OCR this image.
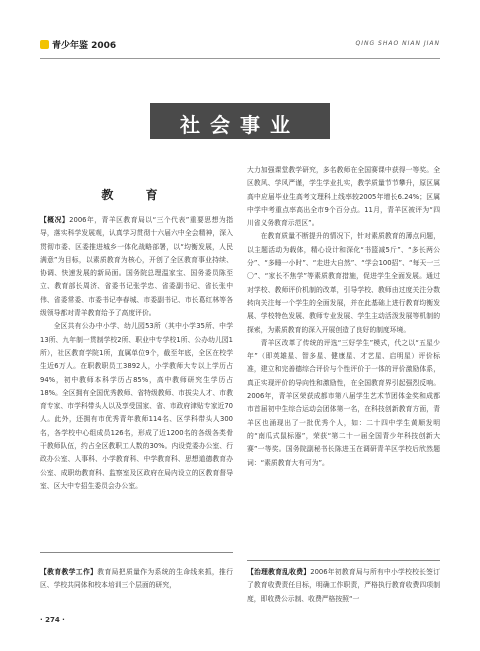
青少年鉴 2006	QING SHAO NIAN JIAN
社会事业
教 育

【概况】2006年，青羊区教育局以“三个代表”重要思想为指导，落实科学发展观，认真学习贯彻十六届六中全会精神，深入贯彻市委、区委推进城乡一体化战略部署，以“均衡发展，人民满意”为目标，以素质教育为核心，开创了全区教育事业持续、协调、快速发展的新局面。国务院总理温家宝、国务委员陈至立、教育部长周济、省委书记张学忠、省委副书记、省长张中伟、省委常委、市委书记李春城、市委副书记、市长葛红林等各级领导都对青羊教育给予了高度评价。

全区共有公办中小学、幼儿园53所（其中小学35所、中学13所、九年制一贯制学校2所、职业中专学校1所、公办幼儿园1所），社区教育学院1所，直属单位9个，截至年底，全区在校学生近6万人。在职教职员工3892人，小学教师大专以上学历占94%，初中教师本科学历占85%，高中教师研究生学历占18%。全区拥有全国优秀教师、省特级教师、市拔尖人才、市教育专家、市学科带头人以及享受国家、省、市政府津贴专家近70人。此外，还拥有市优秀青年教师114名、区学科带头人300名，各学校中心组成员126名，形成了近1200名的各级各类骨干教师队伍，约占全区教职工人数的30%。内设党委办公室、行政办公室、人事科、小学教育科、中学教育科、思想道德教育办公室、成职幼教育科、监察室及区政府在局内设立的区教育督导室、区大中专招生委员会办公室。

【教育教学工作】教育局把质量作为系统的生命线来抓，推行区、学校共同体和校本培训三个层面的研究，

大力加强课堂教学研究，多名教师在全国赛课中获得一等奖。全区教风、学风严谨，学生学业扎实，教学质量节节攀升，原区属高中应届毕业生高考文理科上线率较2005年增长6.24%；区属中学中考重点率高出全市9个百分点。11月，青羊区被评为“四川省义务教育示范区”。

在教育质量不断提升的情况下，针对素质教育的薄点问题，以主题活动为载体，精心设计和深化“书篮减5斤”、“多长两公分”、“多睡一小时”、“走进大自然”、“学会100招”、“每天一三〇”、“家长不焦学”等素质教育措施，促进学生全面发展。通过对学校、教师评价机制的改革，引导学校、教师由过度关注分数转向关注每一个学生的全面发展，并在此基础上进行教育均衡发展、学校特色发展、教师专业发展、学生主动活泼发展等机制的探索，为素质教育的深入开展创造了良好的制度环境。

青羊区改革了传统的评选“三好学生”模式，代之以“五星少年”（即英雄星、智多星、健康星、才艺星、启明星）评价标准，建立和完善德综合评价与个性评价于一体的评价激励体系，真正实现评价的导向性和激励性，在全国教育界引起强烈反响。2006年，青羊区荣获成都市第八届学生艺术节团体金奖和成都市首届初中生综合运动会团体第一名，在科技创新教育方面，青羊区也涌现出了一批优秀个人，如：二十四中学生黄顺发明的“南瓜式鼠标器”，荣获“第二十一届全国青少年科技创新大赛”一等奖。国务院副秘书长陈进玉在调研青羊区学校后欣然题词：“素质教育大有可为”。

【治理教育乱收费】2006年初教育局与所有中小学校校长签订了教育收费责任目标，明确工作职责，严格执行教育收费四项制度，即收费公示制、收费严格按照“一

· 274 ·
